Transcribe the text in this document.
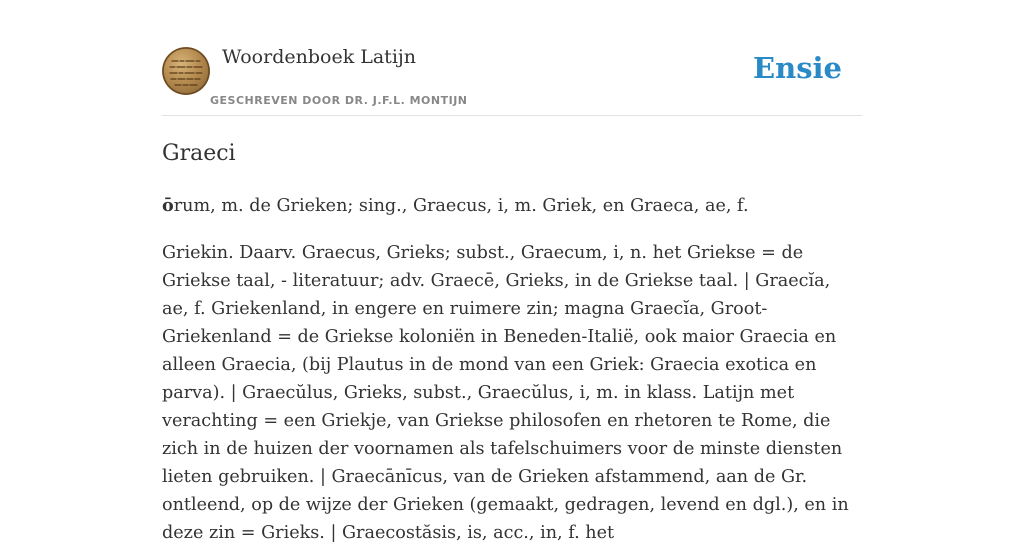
Woordenboek Latijn
GESCHREVEN DOOR DR. J.F.L. MONTIJN
Ensie
Graeci

ōrum, m. de Grieken; sing., Graecus, i, m. Griek, en Graeca, ae, f.

Griekin. Daarv. Graecus, Grieks; subst., Graecum, i, n. het Griekse = de Griekse taal, - literatuur; adv. Graecē, Grieks, in de Griekse taal. | Graecĭa, ae, f. Griekenland, in engere en ruimere zin; magna Graecĭa, Groot-Griekenland = de Griekse koloniën in Beneden-Italië, ook maior Graecia en alleen Graecia, (bij Plautus in de mond van een Griek: Graecia exotica en parva). | Graecŭlus, Grieks, subst., Graecŭlus, i, m. in klass. Latijn met verachting = een Griekje, van Griekse philosofen en rhetoren te Rome, die zich in de huizen der voornamen als tafelschuimers voor de minste diensten lieten gebruiken. | Graecānīcus, van de Grieken afstammend, aan de Gr. ontleend, op de wijze der Grieken (gemaakt, gedragen, levend en dgl.), en in deze zin = Grieks. | Graecostăsis, is, acc., in, f. het
